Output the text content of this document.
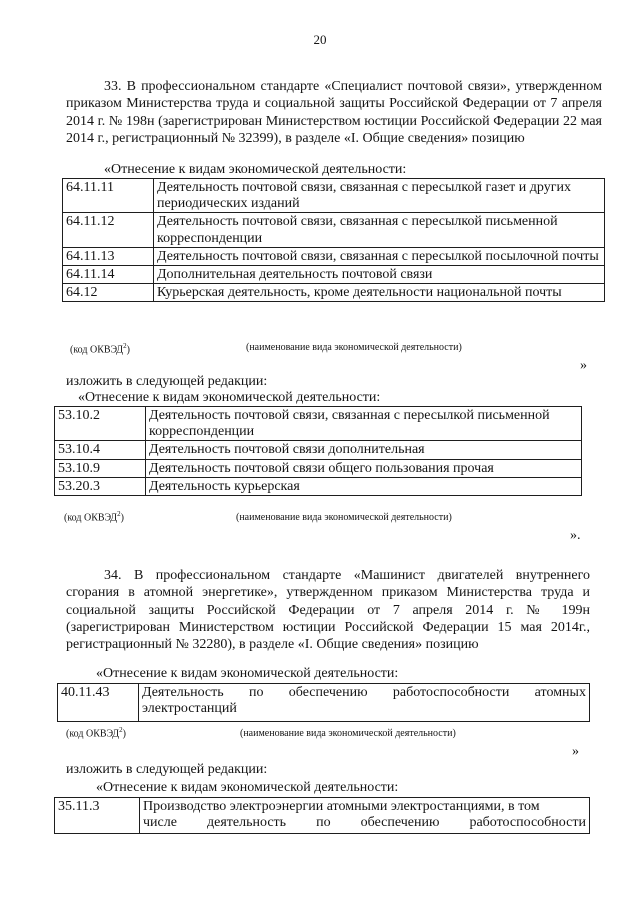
20
33. В профессиональном стандарте «Специалист почтовой связи», утвержденном приказом Министерства труда и социальной защиты Российской Федерации от 7 апреля 2014 г. № 198н (зарегистрирован Министерством юстиции Российской Федерации 22 мая 2014 г., регистрационный № 32399), в разделе «I. Общие сведения» позицию
«Отнесение к видам экономической деятельности:
64.11.11	Деятельность почтовой связи, связанная с пересылкой газет и других периодических изданий
64.11.12	Деятельность почтовой связи, связанная с пересылкой письменной корреспонденции
64.11.13	Деятельность почтовой связи, связанная с пересылкой посылочной почты
64.11.14	Дополнительная деятельность почтовой связи
64.12	Курьерская деятельность, кроме деятельности национальной почты
(код ОКВЭД$^2$)	(наименование вида экономической деятельности)
»
изложить в следующей редакции:
«Отнесение к видам экономической деятельности:
53.10.2	Деятельность почтовой связи, связанная с пересылкой письменной корреспонденции
53.10.4	Деятельность почтовой связи дополнительная
53.10.9	Деятельность почтовой связи общего пользования прочая
53.20.3	Деятельность курьерская
(код ОКВЭД$^2$)	(наименование вида экономической деятельности)
».
34. В профессиональном стандарте «Машинист двигателей внутреннего сгорания в атомной энергетике», утвержденном приказом Министерства труда и социальной защиты Российской Федерации от 7 апреля 2014 г. № 199н (зарегистрирован Министерством юстиции Российской Федерации 15 мая 2014г., регистрационный № 32280), в разделе «I. Общие сведения» позицию
«Отнесение к видам экономической деятельности:
40.11.43	Деятельность по обеспечению работоспособности атомных
электростанций
(код ОКВЭД$^2$)	(наименование вида экономической деятельности)
»
изложить в следующей редакции:
«Отнесение к видам экономической деятельности:
35.11.3	Производство электроэнергии атомными электростанциями, в том
числе деятельность по обеспечению работоспособности
